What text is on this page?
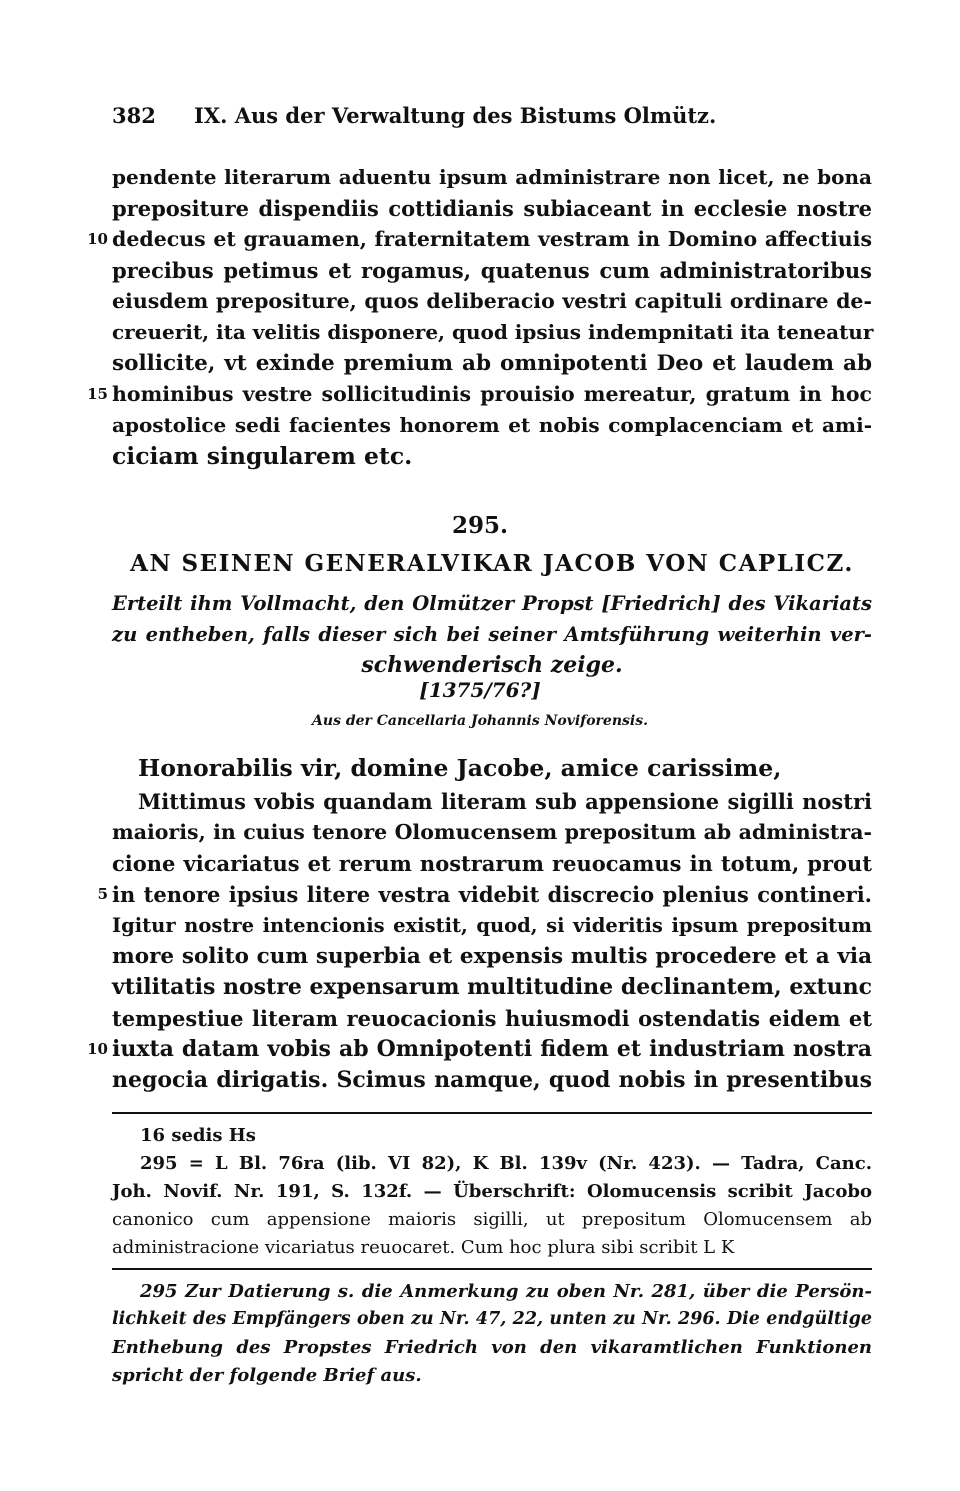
382 IX. Aus der Verwaltung des Bistums Olmütz.
pendente literarum aduentu ipsum administrare non licet, ne bona
prepositure dispendiis cottidianis subiaceant in ecclesie nostre
dedecus et grauamen, fraternitatem vestram in Domino affectiuis
precibus petimus et rogamus, quatenus cum administratoribus
eiusdem prepositure, quos deliberacio vestri capituli ordinare de-
creuerit, ita velitis disponere, quod ipsius indempnitati ita teneatur
sollicite, vt exinde premium ab omnipotenti Deo et laudem ab
hominibus vestre sollicitudinis prouisio mereatur, gratum in hoc
apostolice sedi facientes honorem et nobis complacenciam et ami-
ciciam singularem etc.
10
15
295.
AN SEINEN GENERALVIKAR JACOB VON CAPLICZ.
Erteilt ihm Vollmacht, den Olmützer Propst [Friedrich] des Vikariats
zu entheben, falls dieser sich bei seiner Amtsführung weiterhin ver-
schwenderisch zeige.
[1375/76?]
Aus der Cancellaria Johannis Noviforensis.
Honorabilis vir, domine Jacobe, amice carissime,
Mittimus vobis quandam literam sub appensione sigilli nostri
maioris, in cuius tenore Olomucensem prepositum ab administra-
cione vicariatus et rerum nostrarum reuocamus in totum, prout
in tenore ipsius litere vestra videbit discrecio plenius contineri.
Igitur nostre intencionis existit, quod, si videritis ipsum prepositum
more solito cum superbia et expensis multis procedere et a via
vtilitatis nostre expensarum multitudine declinantem, extunc
tempestiue literam reuocacionis huiusmodi ostendatis eidem et
iuxta datam vobis ab Omnipotenti fidem et industriam nostra
negocia dirigatis. Scimus namque, quod nobis in presentibus
5
10
16 sedis Hs
295 = L Bl. 76ra (lib. VI 82), K Bl. 139v (Nr. 423). — Tadra, Canc.
Joh. Novif. Nr. 191, S. 132f. — Überschrift: Olomucensis scribit Jacobo
canonico cum appensione maioris sigilli, ut prepositum Olomucensem ab
administracione vicariatus reuocaret. Cum hoc plura sibi scribit L K
295 Zur Datierung s. die Anmerkung zu oben Nr. 281, über die Persön-
lichkeit des Empfängers oben zu Nr. 47, 22, unten zu Nr. 296. Die endgültige
Enthebung des Propstes Friedrich von den vikaramtlichen Funktionen
spricht der folgende Brief aus.
